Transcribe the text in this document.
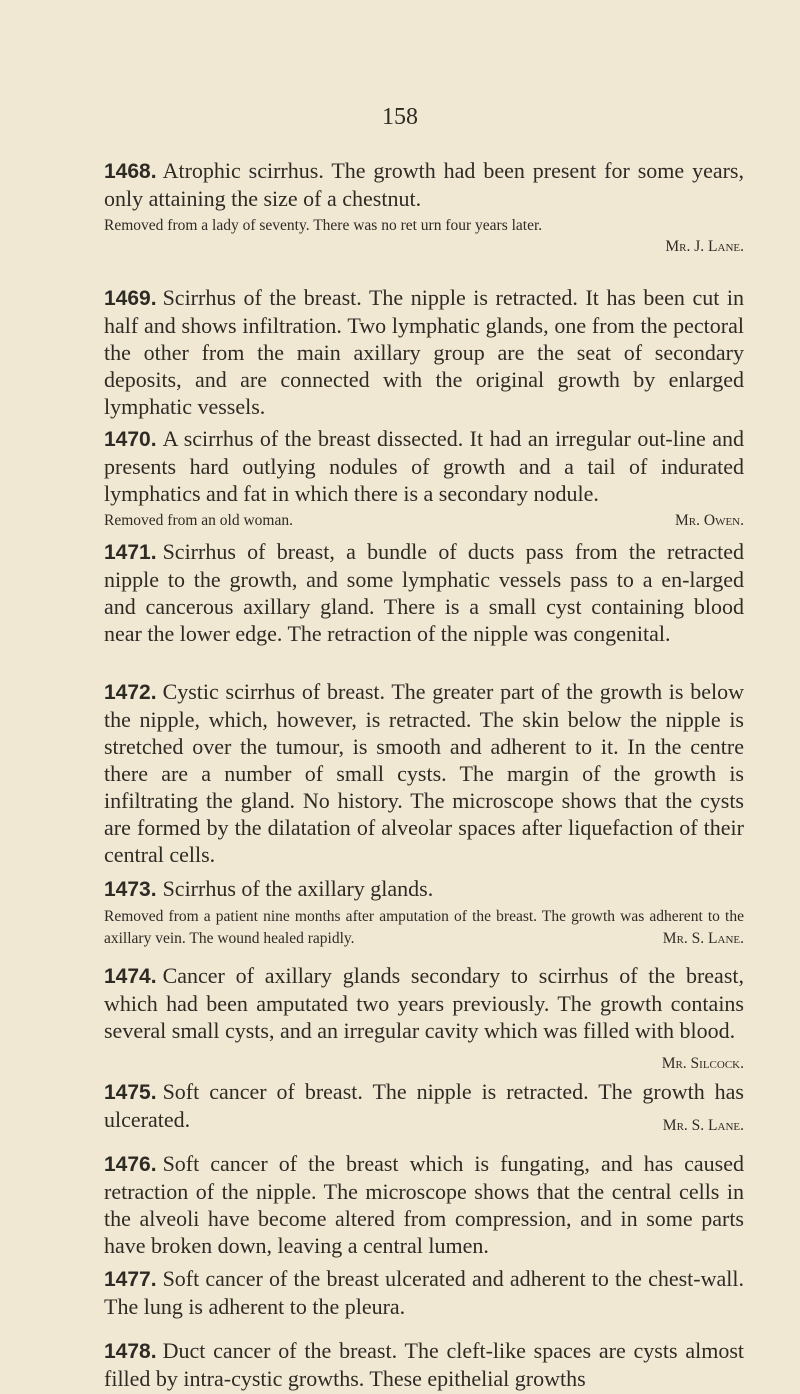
158
1468. Atrophic scirrhus. The growth had been present for some years, only attaining the size of a chestnut.
Removed from a lady of seventy. There was no ret urn four years later.
Mr. J. Lane.
1469. Scirrhus of the breast. The nipple is retracted. It has been cut in half and shows infiltration. Two lymphatic glands, one from the pectoral the other from the main axillary group are the seat of secondary deposits, and are connected with the original growth by enlarged lymphatic vessels.
1470. A scirrhus of the breast dissected. It had an irregular out-line and presents hard outlying nodules of growth and a tail of indurated lymphatics and fat in which there is a secondary nodule.
Removed from an old woman.	Mr. Owen.
1471. Scirrhus of breast, a bundle of ducts pass from the retracted nipple to the growth, and some lymphatic vessels pass to a en-larged and cancerous axillary gland. There is a small cyst containing blood near the lower edge. The retraction of the nipple was congenital.
1472. Cystic scirrhus of breast. The greater part of the growth is below the nipple, which, however, is retracted. The skin below the nipple is stretched over the tumour, is smooth and adherent to it. In the centre there are a number of small cysts. The margin of the growth is infiltrating the gland. No history. The microscope shows that the cysts are formed by the dilatation of alveolar spaces after liquefaction of their central cells.
1473. Scirrhus of the axillary glands.
Removed from a patient nine months after amputation of the breast. The growth was adherent to the axillary vein. The wound healed rapidly.	Mr. S. Lane.
1474. Cancer of axillary glands secondary to scirrhus of the breast, which had been amputated two years previously. The growth contains several small cysts, and an irregular cavity which was filled with blood.
Mr. Silcock.
1475. Soft cancer of breast. The nipple is retracted. The growth has ulcerated.	Mr. S. Lane.
1476. Soft cancer of the breast which is fungating, and has caused retraction of the nipple. The microscope shows that the central cells in the alveoli have become altered from compression, and in some parts have broken down, leaving a central lumen.
1477. Soft cancer of the breast ulcerated and adherent to the chest-wall. The lung is adherent to the pleura.
1478. Duct cancer of the breast. The cleft-like spaces are cysts almost filled by intra-cystic growths. These epithelial growths
